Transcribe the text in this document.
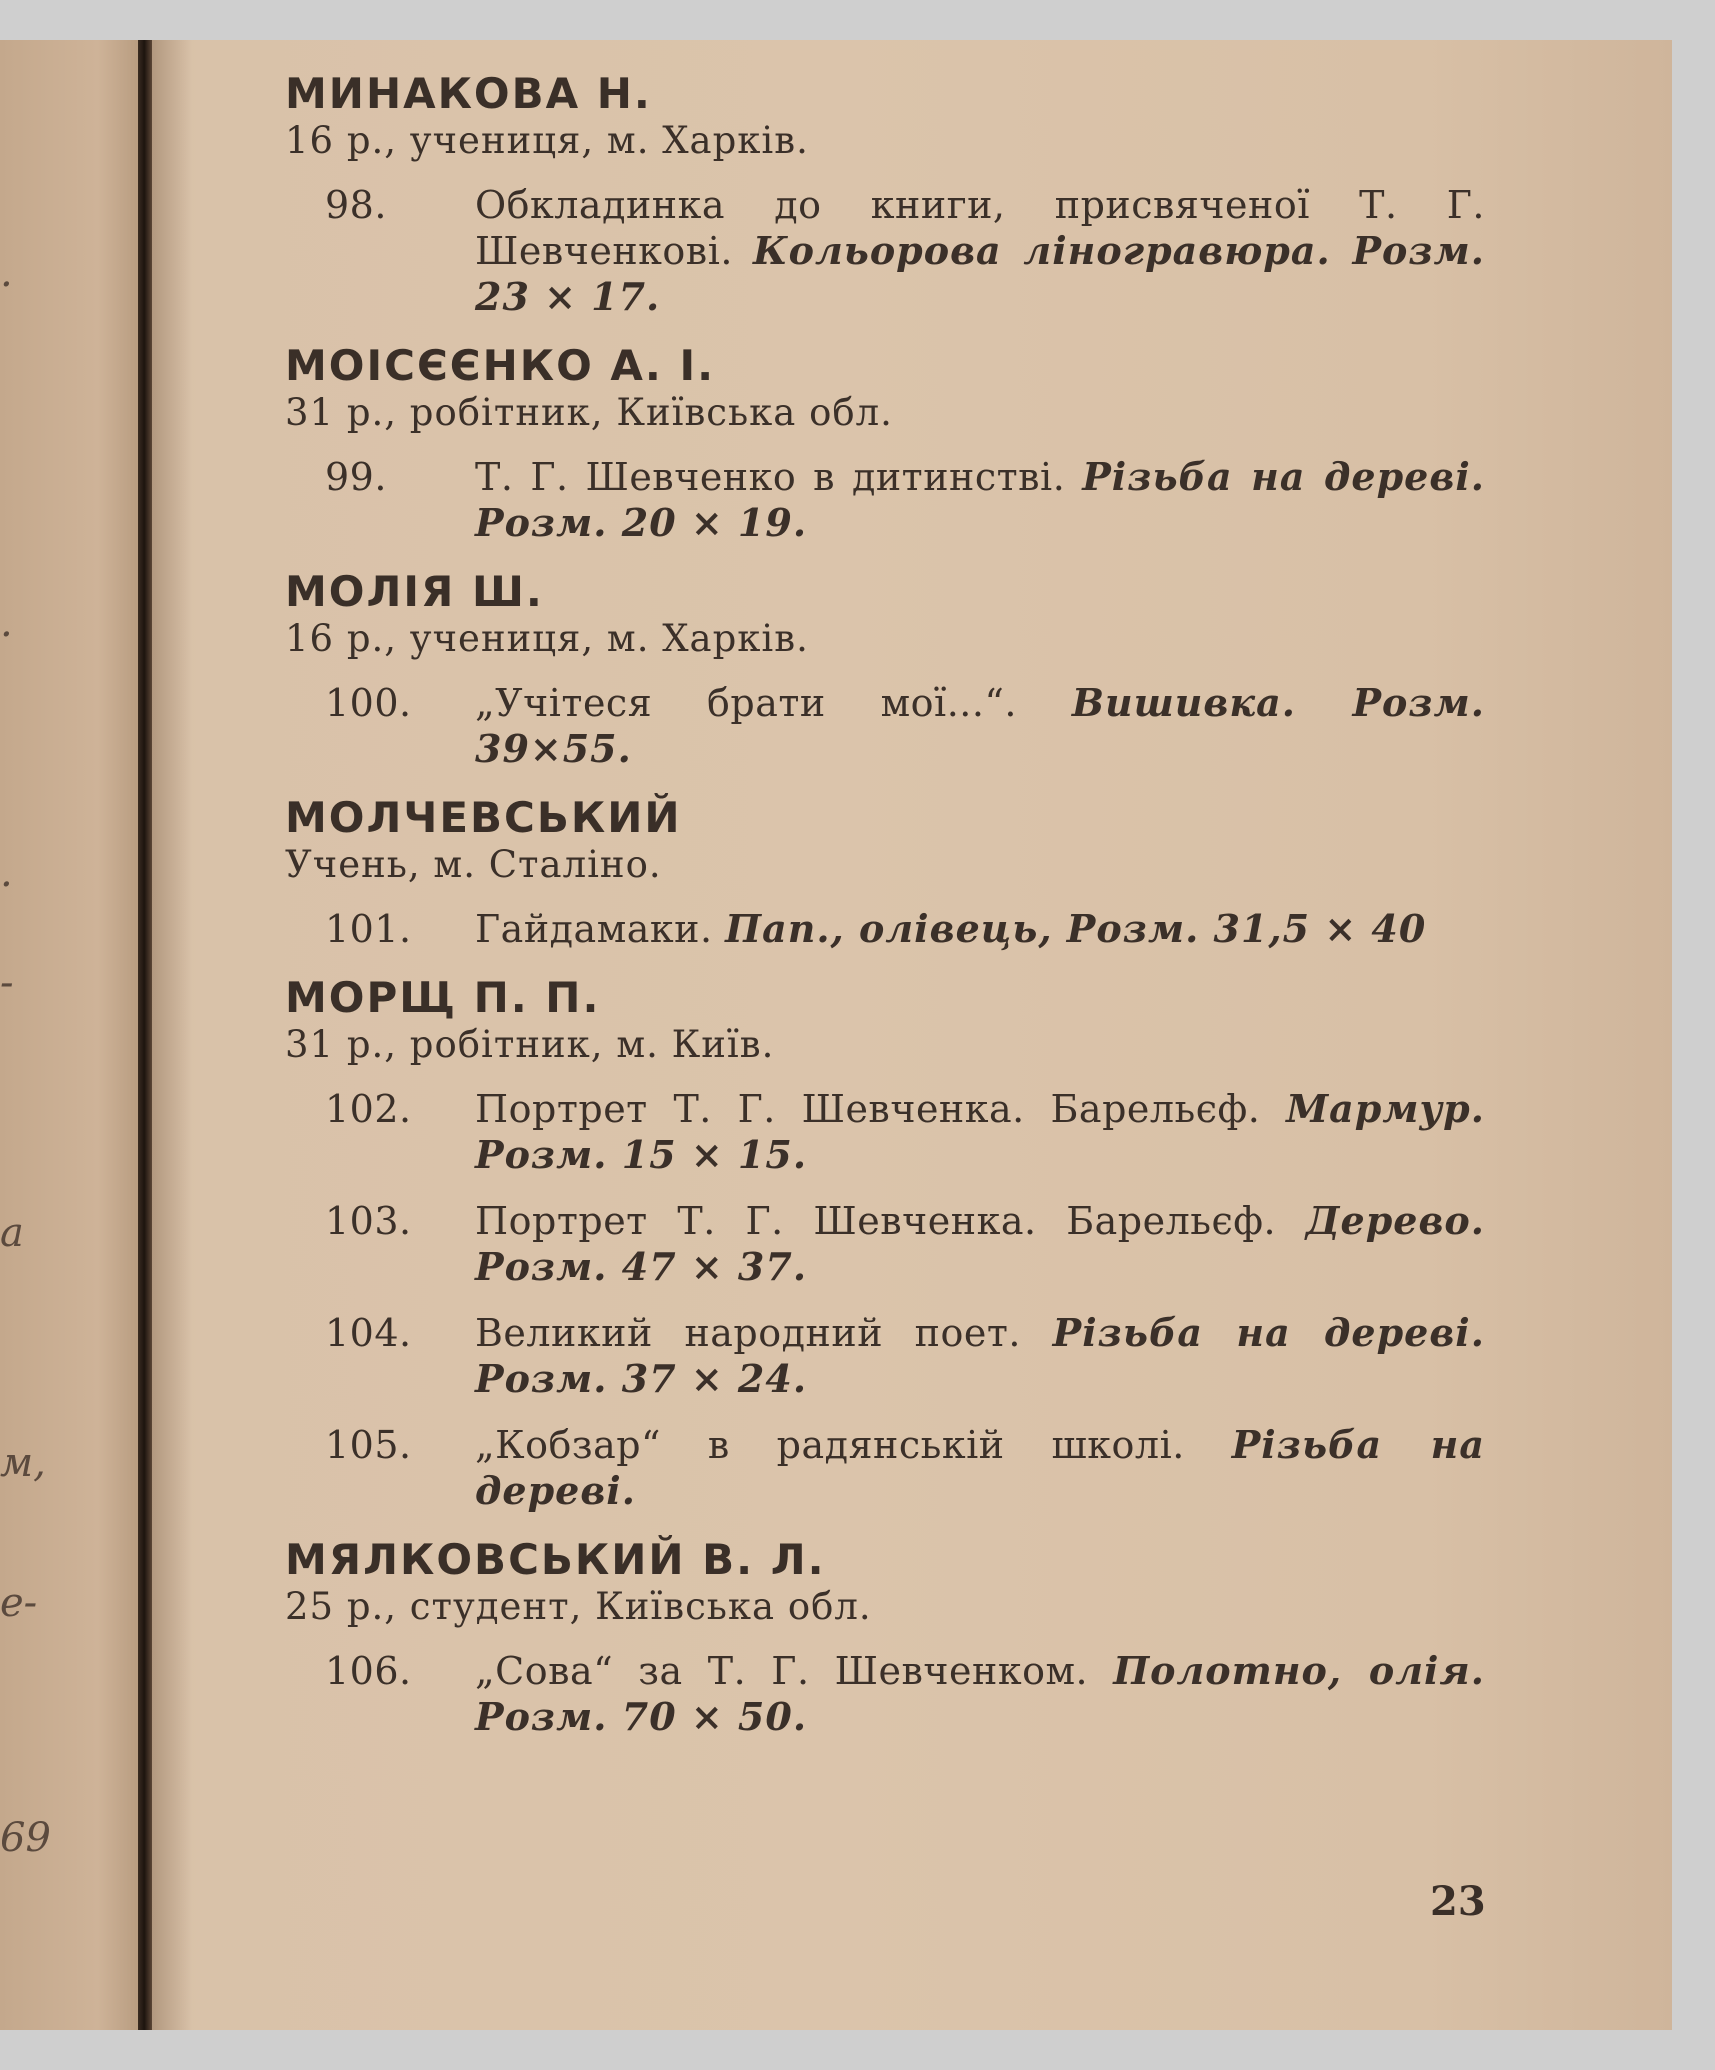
.
.
.
-
а
м,
е-
69
МИНАКОВА Н.
16 р., учениця, м. Харків.
98.	Обкладинка до книги, присвяченої Т. Г. Шевченкові. Кольорова ліногравюра. Розм. 23 × 17.
МОІСЄЄНКО А. І.
31 р., робітник, Київська обл.
99.	Т. Г. Шевченко в дитинстві. Різьба на дереві. Розм. 20 × 19.
МОЛІЯ Ш.
16 р., учениця, м. Харків.
100.	„Учітеся брати мої...“. Вишивка. Розм. 39×55.
МОЛЧЕВСЬКИЙ
Учень, м. Сталіно.
101.	Гайдамаки. Пап., олівець, Розм. 31,5 × 40
МОРЩ П. П.
31 р., робітник, м. Київ.
102.	Портрет Т. Г. Шевченка. Барельєф. Мармур. Розм. 15 × 15.
103.	Портрет Т. Г. Шевченка. Барельєф. Дерево. Розм. 47 × 37.
104.	Великий народний поет. Різьба на дереві. Розм. 37 × 24.
105.	„Кобзар“ в радянській школі. Різьба на дереві.
МЯЛКОВСЬКИЙ В. Л.
25 р., студент, Київська обл.
106.	„Сова“ за Т. Г. Шевченком. Полотно, олія. Розм. 70 × 50.
23
